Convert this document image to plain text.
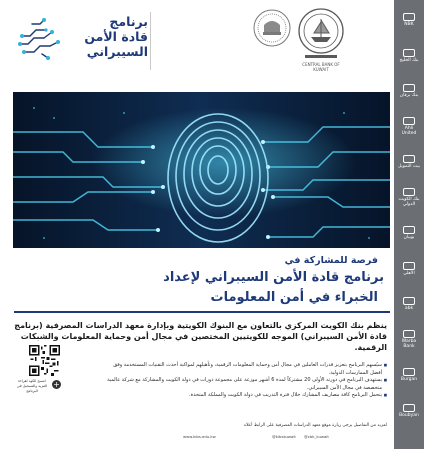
NBK
بنك الخليج
بنك برقان
Ahli United
بيت التمويل
بنك الكويت الدولي
بوبيان
الأهلي
abk
Warba Bank
Burgan
Boubyan
برنامج
قادة الأمن
السيبراني
CENTRAL BANK OF KUWAIT
فرصة للمشاركة في
برنامج قادة الأمن السيبراني لإعداد
الخبراء في أمن المعلومات
ينظم بنك الكويت المركزي بالتعاون مع البنوك الكويتية وبإدارة معهد الدراسات المصرفية (برنامج قادة الأمن السيبراني) الموجه للكويتيين المختصين في مجال أمن وحماية المعلومات والشبكات الرقمية.
■ سيُسهم البرنامج بتعزيز قدرات العاملين في مجال أمن وحماية المعلومات الرقمية، وتأهيلهم لمواكبة أحدث التقنيات المستخدمة وفق أفضل الممارسات الدولية.
■ يستهدف البرنامج في دورته الأولى 20 مشتركاً لمدة 6 أشهر موزعة على مجموعة دورات في دولة الكويت والمشاركة مع شركة عالمية متخصصة في مجال الأمن السيبراني.
■ يتحمل البرنامج كافة مصاريف المشارك خلال فترة التدريب في دولة الكويت والمملكة المتحدة.
لمزيد من التفاصيل يرجى زيارة موقع معهد الدراسات المصرفية على الرابط أعلاه
امسح الكود لقراءة المزيد والتسجيل في البرنامج
+
www.kibs.edu.kw	@kibskuwait @cbk_kuwait
